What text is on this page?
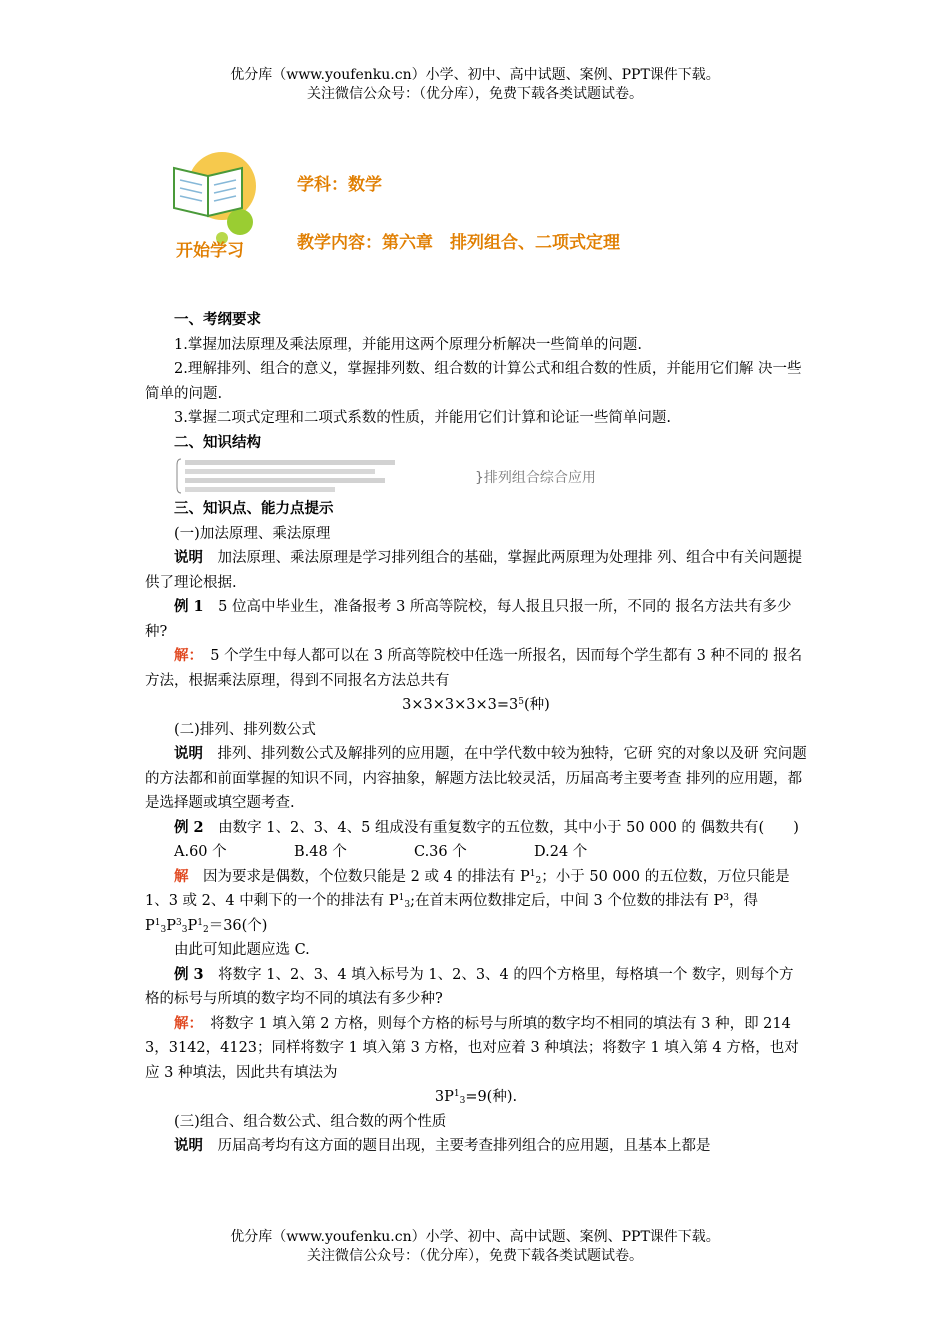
优分库（www.youfenku.cn）小学、初中、高中试题、案例、PPT课件下载。
关注微信公众号：（优分库），免费下载各类试题试卷。
开始学习
学科：数学
教学内容：第六章　排列组合、二项式定理

一、考纲要求

1.掌握加法原理及乘法原理，并能用这两个原理分析解决一些简单的问题.

2.理解排列、组合的意义，掌握排列数、组合数的计算公式和组合数的性质，并能用它们解 决一些简单的问题.

3.掌握二项式定理和二项式系数的性质，并能用它们计算和论证一些简单问题.

二、知识结构

}排列组合综合应用

三、知识点、能力点提示

(一)加法原理、乘法原理

说明　加法原理、乘法原理是学习排列组合的基础，掌握此两原理为处理排 列、组合中有关问题提供了理论根据.

例 1　5 位高中毕业生，准备报考 3 所高等院校，每人报且只报一所，不同的 报名方法共有多少种?

解：　5 个学生中每人都可以在 3 所高等院校中任选一所报名，因而每个学生都有 3 种不同的 报名方法，根据乘法原理，得到不同报名方法总共有

$3\times 3\times 3\times 3\times 3=3^5$(种)

(二)排列、排列数公式

说明　排列、排列数公式及解排列的应用题，在中学代数中较为独特，它研 究的对象以及研 究问题的方法都和前面掌握的知识不同，内容抽象，解题方法比较灵活，历届高考主要考查 排列的应用题，都是选择题或填空题考查.

例 2　由数字 1、2、3、4、5 组成没有重复数字的五位数，其中小于 50 000 的 偶数共有(　　)

A.60 个	B.48 个	C.36 个	D.24 个

解　因为要求是偶数，个位数只能是 2 或 4 的排法有 $P^1_2$；小于 50 000 的五位数，万位只能是 1、3 或 2、4 中剩下的一个的排法有 $P^1_3$;在首末两位数排定后，中间 3 个位数的排法有 $P^3$，得 $P^1_3P^3_3P^1_2=36$(个)

由此可知此题应选 C.

例 3　将数字 1、2、3、4 填入标号为 1、2、3、4 的四个方格里，每格填一个 数字，则每个方格的标号与所填的数字均不同的填法有多少种?

解：　将数字 1 填入第 2 方格，则每个方格的标号与所填的数字均不相同的填法有 3 种，即 214 3，3142，4123；同样将数字 1 填入第 3 方格，也对应着 3 种填法；将数字 1 填入第 4 方格，也对 应 3 种填法，因此共有填法为

$3P^1_3=9$(种).

(三)组合、组合数公式、组合数的两个性质

说明　历届高考均有这方面的题目出现，主要考查排列组合的应用题，且基本上都是

优分库（www.youfenku.cn）小学、初中、高中试题、案例、PPT课件下载。
关注微信公众号：（优分库），免费下载各类试题试卷。
